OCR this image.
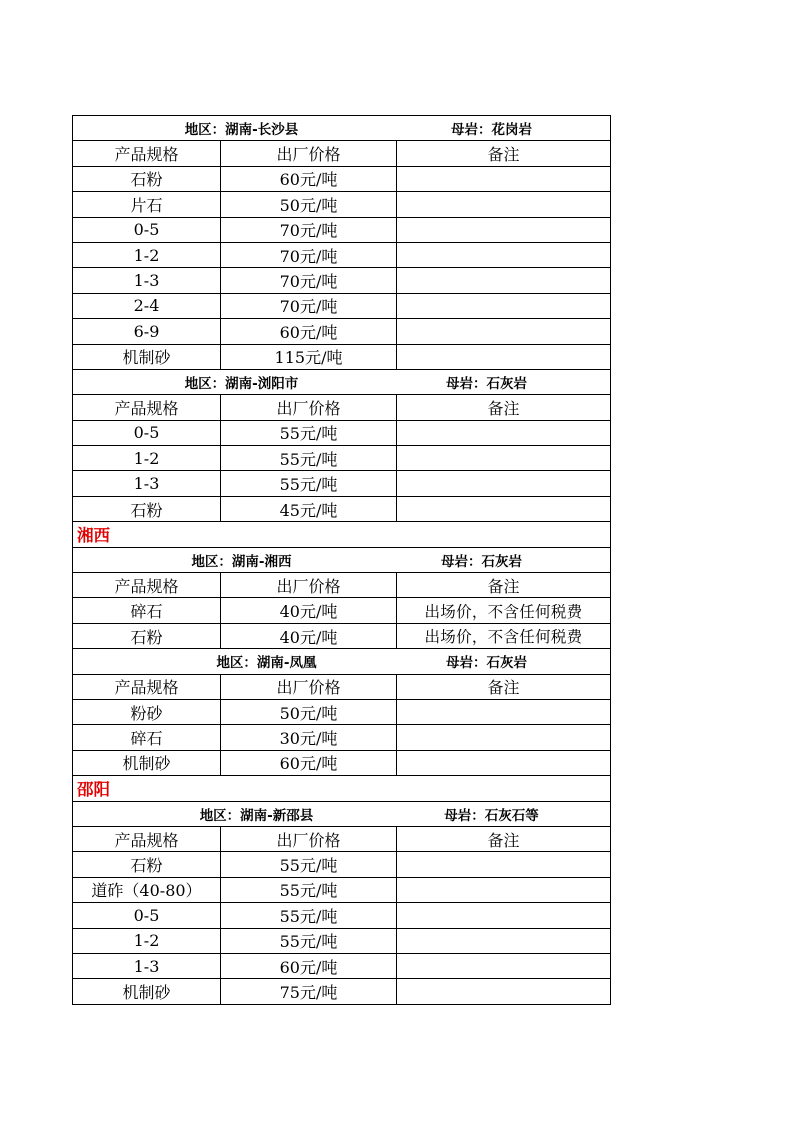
地区：湖南-长沙县 母岩：花岗岩		
产品规格	出厂价格	备注
石粉	60元/吨	
片石	50元/吨	
0-5	70元/吨	
1-2	70元/吨	
1-3	70元/吨	
2-4	70元/吨	
6-9	60元/吨	
机制砂	115元/吨	
地区：湖南-浏阳市 母岩：石灰岩		
产品规格	出厂价格	备注
0-5	55元/吨	
1-2	55元/吨	
1-3	55元/吨	
石粉	45元/吨	
湘西		
地区：湖南-湘西 母岩：石灰岩		
产品规格	出厂价格	备注
碎石	40元/吨	出场价，不含任何税费
石粉	40元/吨	出场价，不含任何税费
地区：湖南-凤凰 母岩：石灰岩		
产品规格	出厂价格	备注
粉砂	50元/吨	
碎石	30元/吨	
机制砂	60元/吨	
邵阳		
地区：湖南-新邵县 母岩：石灰石等		
产品规格	出厂价格	备注
石粉	55元/吨	
道砟（40-80）	55元/吨	
0-5	55元/吨	
1-2	55元/吨	
1-3	60元/吨	
机制砂	75元/吨	
